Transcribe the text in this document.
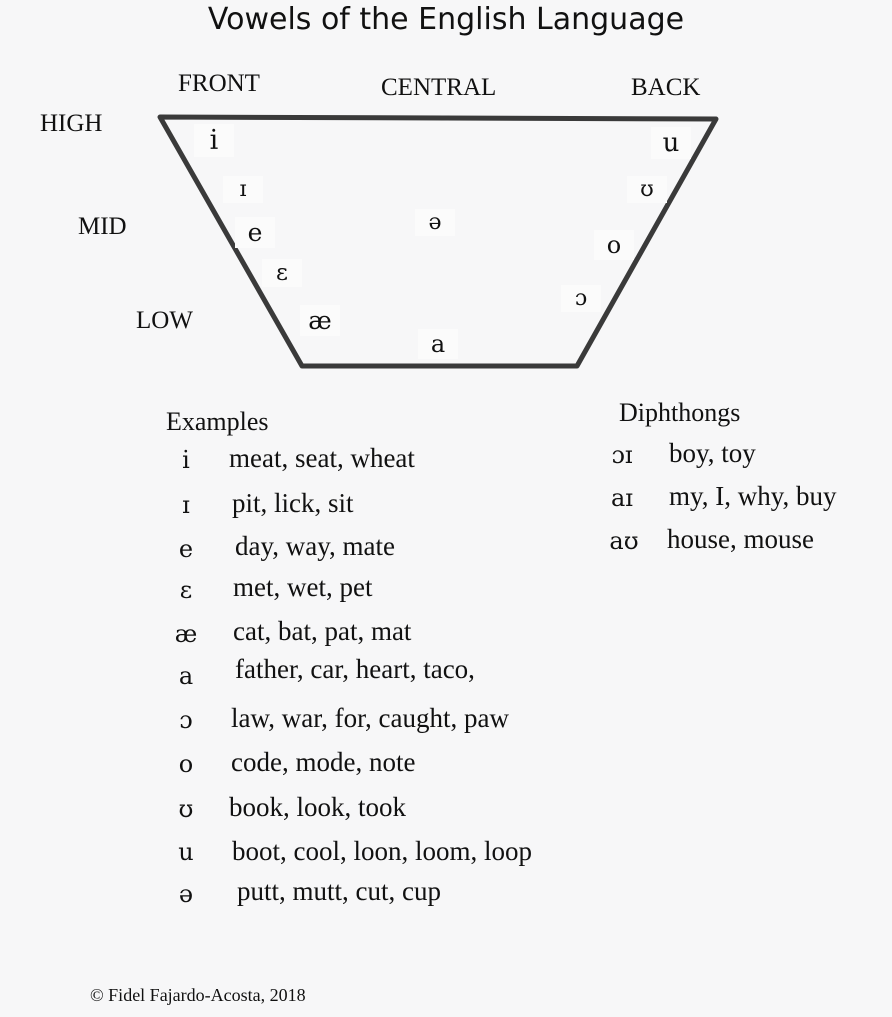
Vowels of the English Language
FRONT	CENTRAL	BACK
HIGH
MID
LOW
i
ɪ
e
ɛ
æ
ə
a
u
ʊ
o
ɔ
Examples
i	meat, seat, wheat
ɪ	pit, lick, sit
e	day, way, mate
ɛ	met, wet, pet
æ cat, bat, pat, mat
a	father, car, heart, taco,
ɔ	law, war, for, caught, paw
o	code, mode, note
ʊ	book, look, took
u	boot, cool, loon, loom, loop
ə	putt, mutt, cut, cup
Diphthongs
ɔɪ	boy, toy
aɪ	my, I, why, buy
aʊ house, mouse
© Fidel Fajardo-Acosta, 2018
